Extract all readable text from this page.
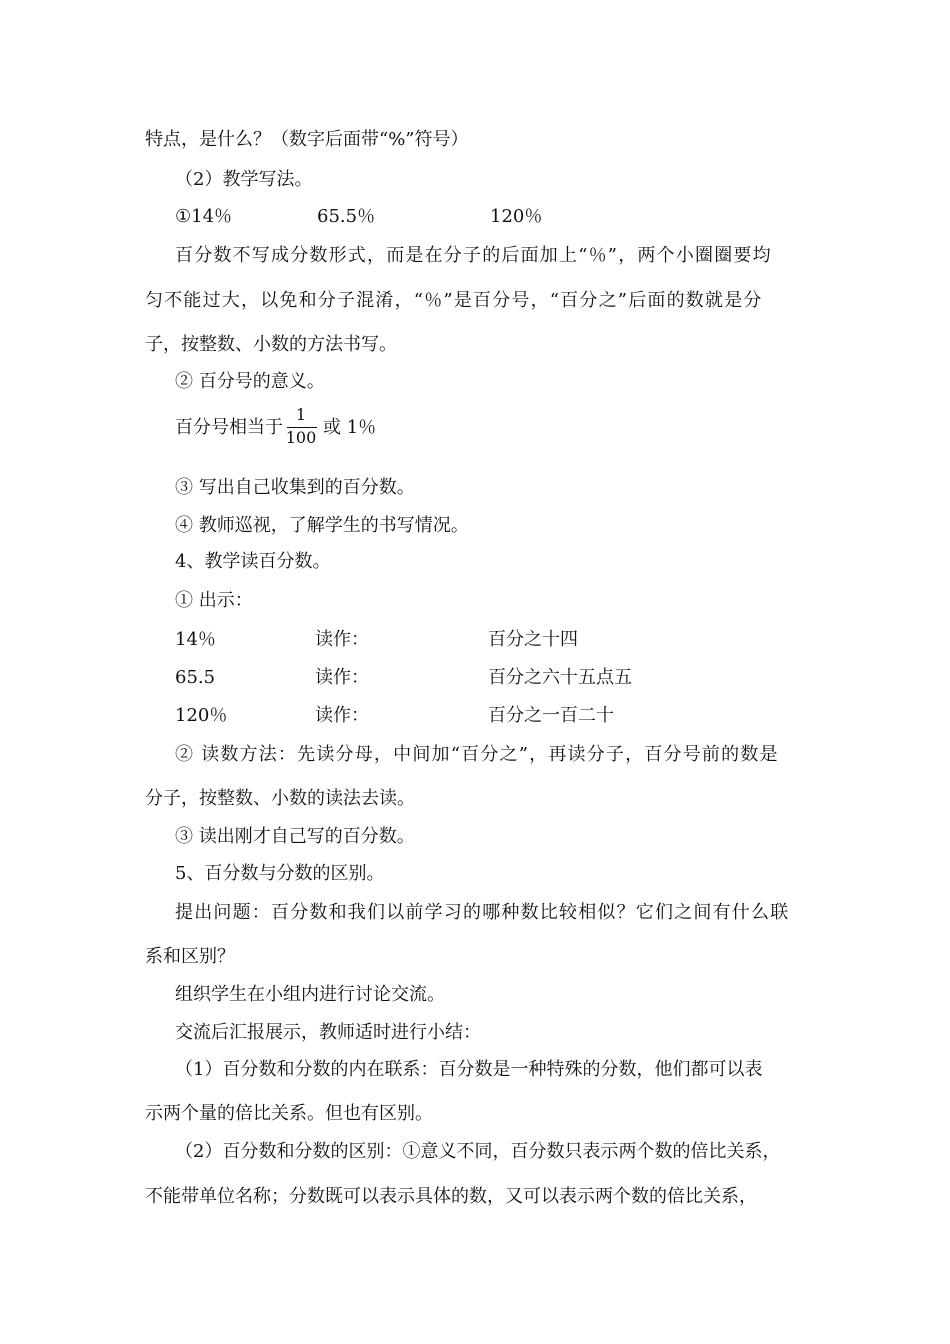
特点，是什么？（数字后面带“%”符号）
（2）教学写法。
①14％	65.5％	120％
百分数不写成分数形式，而是在分子的后面加上“％”，两个小圈圈要均
匀不能过大，以免和分子混淆，“％”是百分号，“百分之”后面的数就是分
子，按整数、小数的方法书写。
② 百分号的意义。
百分号相当于 $\frac{1}{100}$ 或 1％
③ 写出自己收集到的百分数。
④ 教师巡视，了解学生的书写情况。
4、教学读百分数。
① 出示：
14％	读作：	百分之十四
65.5	读作：	百分之六十五点五
120％	读作：	百分之一百二十
② 读数方法：先读分母，中间加“百分之”，再读分子，百分号前的数是
分子，按整数、小数的读法去读。
③ 读出刚才自己写的百分数。
5、百分数与分数的区别。
提出问题：百分数和我们以前学习的哪种数比较相似？它们之间有什么联
系和区别？
组织学生在小组内进行讨论交流。
交流后汇报展示，教师适时进行小结：
（1）百分数和分数的内在联系：百分数是一种特殊的分数，他们都可以表
示两个量的倍比关系。但也有区别。
（2）百分数和分数的区别：①意义不同，百分数只表示两个数的倍比关系，
不能带单位名称；分数既可以表示具体的数，又可以表示两个数的倍比关系，
